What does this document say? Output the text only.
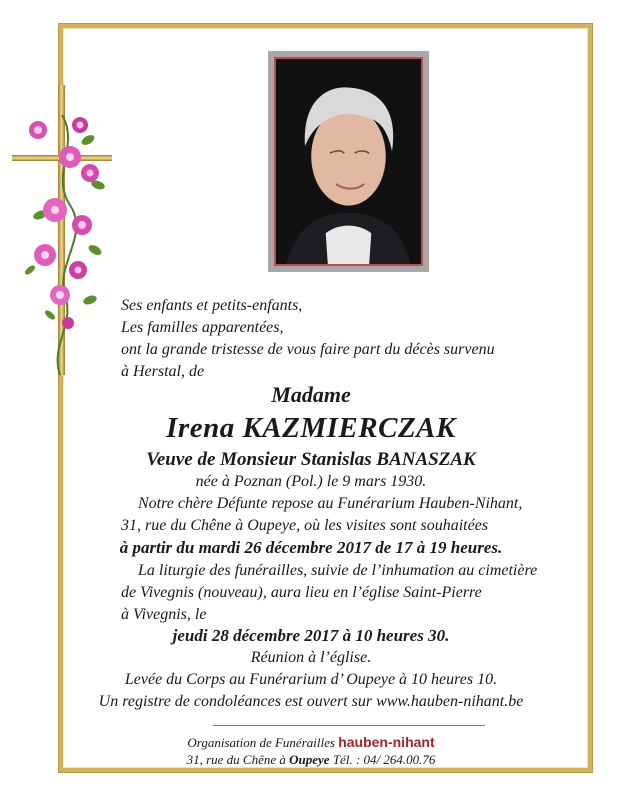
Ses enfants et petits-enfants,
Les familles apparentées,
ont la grande tristesse de vous faire part du décès survenu
à Herstal, de
Madame
Irena KAZMIERCZAK
Veuve de Monsieur Stanislas BANASZAK
née à Poznan (Pol.) le 9 mars 1930.
Notre chère Défunte repose au Funérarium Hauben-Nihant,
31, rue du Chêne à Oupeye, où les visites sont souhaitées
à partir du mardi 26 décembre 2017 de 17 à 19 heures.
La liturgie des funérailles, suivie de l’inhumation au cimetière
de Vivegnis (nouveau), aura lieu en l’église Saint-Pierre
à Vivegnis, le
jeudi 28 décembre 2017 à 10 heures 30.
Réunion à l’église.
Levée du Corps au Funérarium d’ Oupeye à 10 heures 10.
Un registre de condoléances est ouvert sur www.hauben-nihant.be
Organisation de Funérailles hauben-nihant
31, rue du Chêne à Oupeye Tél. : 04/ 264.00.76
